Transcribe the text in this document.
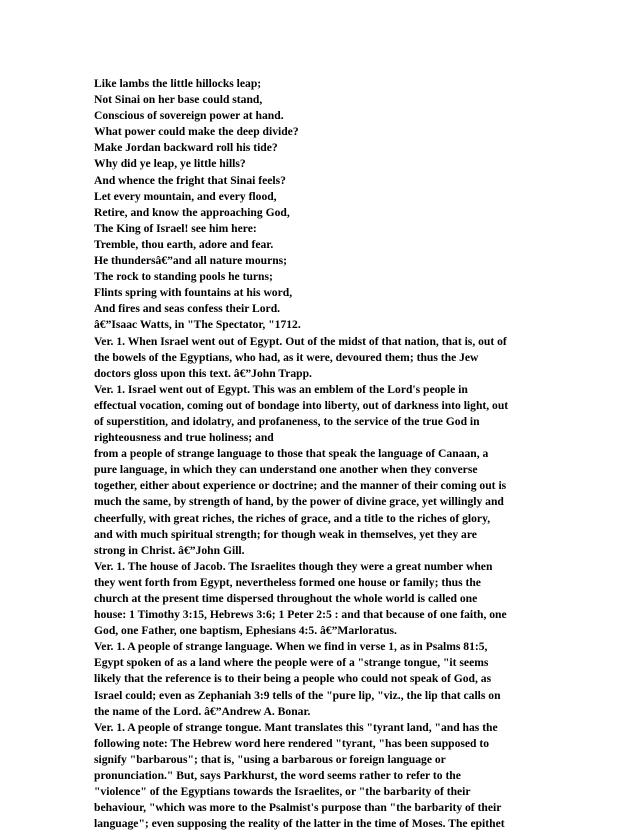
Like lambs the little hillocks leap;
Not Sinai on her base could stand,
Conscious of sovereign power at hand.
What power could make the deep divide?
Make Jordan backward roll his tide?
Why did ye leap, ye little hills?
And whence the fright that Sinai feels?
Let every mountain, and every flood,
Retire, and know the approaching God,
The King of Israel! see him here:
Tremble, thou earth, adore and fear.
He thundersâ€”and all nature mourns;
The rock to standing pools he turns;
Flints spring with fountains at his word,
And fires and seas confess their Lord.
â€”Isaac Watts, in "The Spectator, "1712.
Ver. 1. When Israel went out of Egypt. Out of the midst of that nation, that is, out of
the bowels of the Egyptians, who had, as it were, devoured them; thus the Jew
doctors gloss upon this text. â€”John Trapp.
Ver. 1. Israel went out of Egypt. This was an emblem of the Lord's people in
effectual vocation, coming out of bondage into liberty, out of darkness into light, out
of superstition, and idolatry, and profaneness, to the service of the true God in
righteousness and true holiness; and
from a people of strange language to those that speak the language of Canaan, a
pure language, in which they can understand one another when they converse
together, either about experience or doctrine; and the manner of their coming out is
much the same, by strength of hand, by the power of divine grace, yet willingly and
cheerfully, with great riches, the riches of grace, and a title to the riches of glory,
and with much spiritual strength; for though weak in themselves, yet they are
strong in Christ. â€”John Gill.
Ver. 1. The house of Jacob. The Israelites though they were a great number when
they went forth from Egypt, nevertheless formed one house or family; thus the
church at the present time dispersed throughout the whole world is called one
house: 1 Timothy 3:15, Hebrews 3:6; 1 Peter 2:5 : and that because of one faith, one
God, one Father, one baptism, Ephesians 4:5. â€”Marloratus.
Ver. 1. A people of strange language. When we find in verse 1, as in Psalms 81:5,
Egypt spoken of as a land where the people were of a "strange tongue, "it seems
likely that the reference is to their being a people who could not speak of God, as
Israel could; even as Zephaniah 3:9 tells of the "pure lip, "viz., the lip that calls on
the name of the Lord. â€”Andrew A. Bonar.
Ver. 1. A people of strange tongue. Mant translates this "tyrant land, "and has the
following note: The Hebrew word here rendered "tyrant, "has been supposed to
signify "barbarous"; that is, "using a barbarous or foreign language or
pronunciation." But, says Parkhurst, the word seems rather to refer to the
"violence" of the Egyptians towards the Israelites, or "the barbarity of their
behaviour, "which was more to the Psalmist's purpose than "the barbarity of their
language"; even supposing the reality of the latter in the time of Moses. The epithet
